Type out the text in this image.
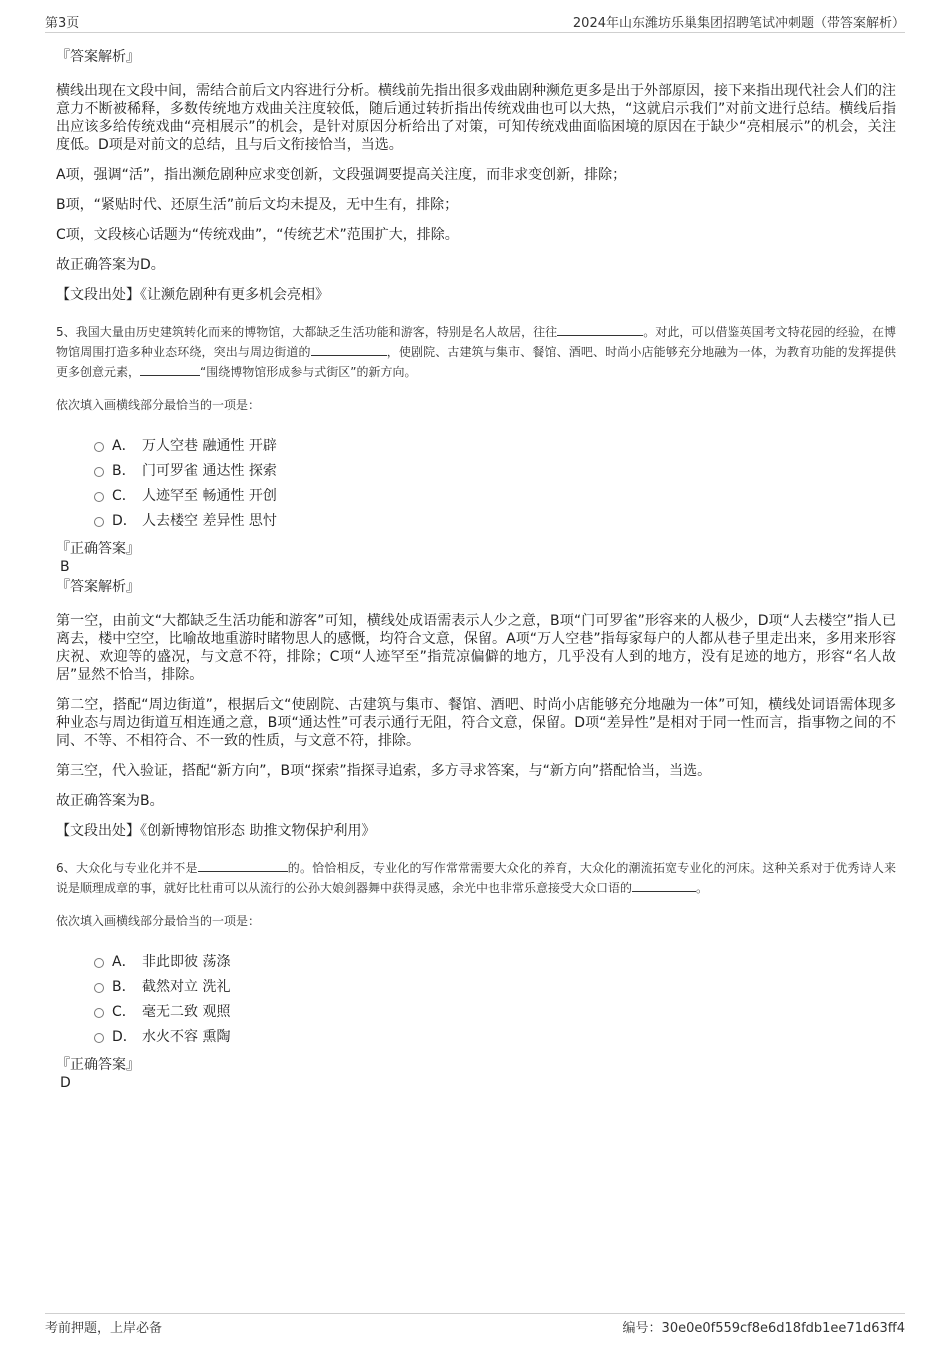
第3页	2024年山东潍坊乐巢集团招聘笔试冲刺题（带答案解析）

『答案解析』

横线出现在文段中间，需结合前后文内容进行分析。横线前先指出很多戏曲剧种濒危更多是出于外部原因，接下来指出现代社会人们的注意力不断被稀释，多数传统地方戏曲关注度较低，随后通过转折指出传统戏曲也可以大热，“这就启示我们”对前文进行总结。横线后指出应该多给传统戏曲“亮相展示”的机会，是针对原因分析给出了对策，可知传统戏曲面临困境的原因在于缺少“亮相展示”的机会，关注度低。D项是对前文的总结，且与后文衔接恰当，当选。

A项，强调“活”，指出濒危剧种应求变创新，文段强调要提高关注度，而非求变创新，排除；

B项，“紧贴时代、还原生活”前后文均未提及，无中生有，排除；

C项，文段核心话题为“传统戏曲”，“传统艺术”范围扩大，排除。

故正确答案为D。

【文段出处】《让濒危剧种有更多机会亮相》

5、我国大量由历史建筑转化而来的博物馆，大都缺乏生活功能和游客，特别是名人故居，往往	。对此，可以借鉴英国考文特花园的经验，在博物馆周围打造多种业态环绕，突出与周边街道的	，使剧院、古建筑与集市、餐馆、酒吧、时尚小店能够充分地融为一体，为教育功能的发挥提供更多创意元素，	“围绕博物馆形成参与式街区”的新方向。

依次填入画横线部分最恰当的一项是：

A． 万人空巷 融通性 开辟
B． 门可罗雀 通达性 探索
C． 人迹罕至 畅通性 开创
D． 人去楼空 差异性 思忖

『正确答案』

B

『答案解析』

第一空，由前文“大都缺乏生活功能和游客”可知，横线处成语需表示人少之意，B项“门可罗雀”形容来的人极少，D项“人去楼空”指人已离去，楼中空空，比喻故地重游时睹物思人的感慨，均符合文意，保留。A项“万人空巷”指每家每户的人都从巷子里走出来，多用来形容庆祝、欢迎等的盛况，与文意不符，排除；C项“人迹罕至”指荒凉偏僻的地方，几乎没有人到的地方，没有足迹的地方，形容“名人故居”显然不恰当，排除。

第二空，搭配“周边街道”，根据后文“使剧院、古建筑与集市、餐馆、酒吧、时尚小店能够充分地融为一体”可知，横线处词语需体现多种业态与周边街道互相连通之意，B项“通达性”可表示通行无阻，符合文意，保留。D项“差异性”是相对于同一性而言，指事物之间的不同、不等、不相符合、不一致的性质，与文意不符，排除。

第三空，代入验证，搭配“新方向”，B项“探索”指探寻追索，多方寻求答案，与“新方向”搭配恰当，当选。

故正确答案为B。

【文段出处】《创新博物馆形态 助推文物保护利用》

6、大众化与专业化并不是	的。恰恰相反，专业化的写作常常需要大众化的养育，大众化的潮流拓宽专业化的河床。这种关系对于优秀诗人来说是顺理成章的事，就好比杜甫可以从流行的公孙大娘剑器舞中获得灵感，余光中也非常乐意接受大众口语的	。

依次填入画横线部分最恰当的一项是：

A． 非此即彼 荡涤
B． 截然对立 洗礼
C． 毫无二致 观照
D． 水火不容 熏陶

『正确答案』

D

考前押题，上岸必备	编号：30e0e0f559cf8e6d18fdb1ee71d63ff4
